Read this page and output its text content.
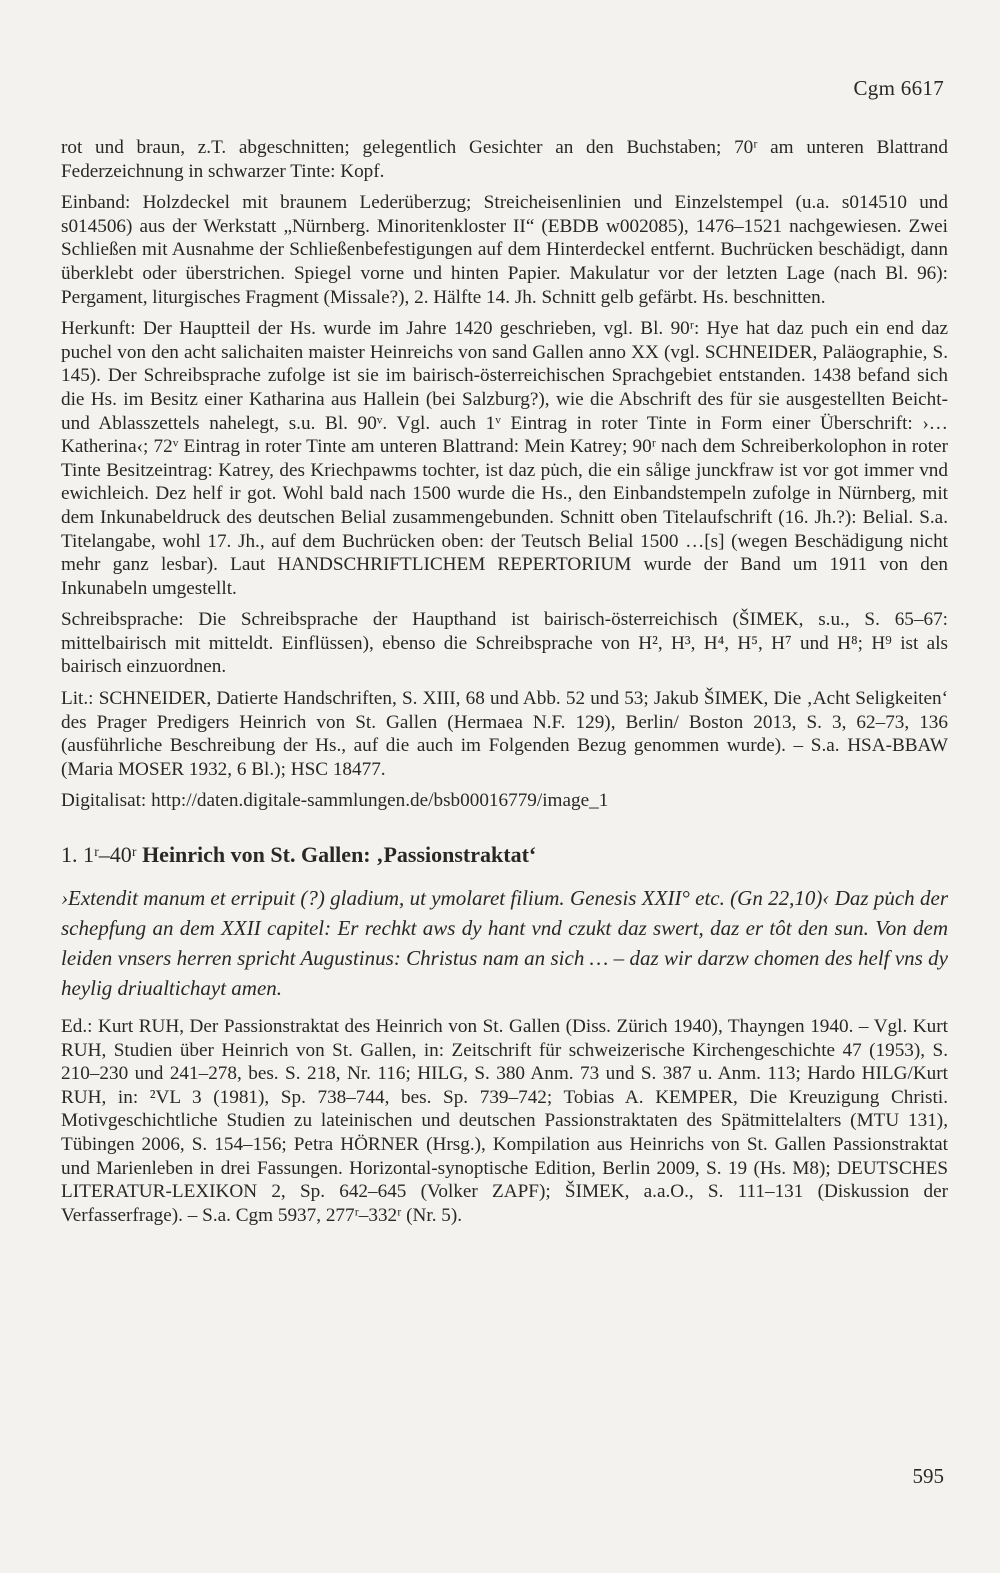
Cgm 6617

rot und braun, z.T. abgeschnitten; gelegentlich Gesichter an den Buchstaben; 70ʳ am unteren Blattrand Federzeichnung in schwarzer Tinte: Kopf.

Einband: Holzdeckel mit braunem Lederüberzug; Streicheisenlinien und Einzelstempel (u.a. s014510 und s014506) aus der Werkstatt „Nürnberg. Minoritenkloster II“ (EBDB w002085), 1476–1521 nachgewiesen. Zwei Schließen mit Ausnahme der Schließenbefestigungen auf dem Hinterdeckel entfernt. Buchrücken beschädigt, dann überklebt oder überstrichen. Spiegel vorne und hinten Papier. Makulatur vor der letzten Lage (nach Bl. 96): Pergament, liturgisches Fragment (Missale?), 2. Hälfte 14. Jh. Schnitt gelb gefärbt. Hs. beschnitten.

Herkunft: Der Hauptteil der Hs. wurde im Jahre 1420 geschrieben, vgl. Bl. 90ʳ: Hye hat daz puch ein end daz puchel von den acht salichaiten maister Heinreichs von sand Gallen anno XX (vgl. SCHNEIDER, Paläographie, S. 145). Der Schreibsprache zufolge ist sie im bairisch-österreichischen Sprachgebiet entstanden. 1438 befand sich die Hs. im Besitz einer Katharina aus Hallein (bei Salzburg?), wie die Abschrift des für sie ausgestellten Beicht- und Ablasszettels nahelegt, s.u. Bl. 90ᵛ. Vgl. auch 1ᵛ Eintrag in roter Tinte in Form einer Überschrift: ›… Katherina‹; 72ᵛ Eintrag in roter Tinte am unteren Blattrand: Mein Katrey; 90ʳ nach dem Schreiberkolophon in roter Tinte Besitzeintrag: Katrey, des Kriechpawms tochter, ist daz pu̇ch, die ein sålige junckfraw ist vor got immer vnd ewichleich. Dez helf ir got. Wohl bald nach 1500 wurde die Hs., den Einbandstempeln zufolge in Nürnberg, mit dem Inkunabeldruck des deutschen Belial zusammengebunden. Schnitt oben Titelaufschrift (16. Jh.?): Belial. S.a. Titelangabe, wohl 17. Jh., auf dem Buchrücken oben: der Teutsch Belial 1500 …[s] (wegen Beschädigung nicht mehr ganz lesbar). Laut HANDSCHRIFTLICHEM REPERTORIUM wurde der Band um 1911 von den Inkunabeln umgestellt.

Schreibsprache: Die Schreibsprache der Haupthand ist bairisch-österreichisch (ŠIMEK, s.u., S. 65–67: mittelbairisch mit mitteldt. Einflüssen), ebenso die Schreibsprache von H², H³, H⁴, H⁵, H⁷ und H⁸; H⁹ ist als bairisch einzuordnen.

Lit.: SCHNEIDER, Datierte Handschriften, S. XIII, 68 und Abb. 52 und 53; Jakub ŠIMEK, Die ‚Acht Seligkeiten‘ des Prager Predigers Heinrich von St. Gallen (Hermaea N.F. 129), Berlin/ Boston 2013, S. 3, 62–73, 136 (ausführliche Beschreibung der Hs., auf die auch im Folgenden Bezug genommen wurde). – S.a. HSA-BBAW (Maria MOSER 1932, 6 Bl.); HSC 18477.

Digitalisat: http://daten.digitale-sammlungen.de/bsb00016779/image_1

1. 1ʳ–40ʳ Heinrich von St. Gallen: ‚Passionstraktat‘

›Extendit manum et erripuit (?) gladium, ut ymolaret filium. Genesis XXII° etc. (Gn 22,10)‹ Daz pu̇ch der schepfung an dem XXII capitel: Er rechkt aws dy hant vnd czukt daz swert, daz er tôt den sun. Von dem leiden vnsers herren spricht Augustinus: Christus nam an sich … – daz wir darzw chomen des helf vns dy heylig driualtichayt amen.

Ed.: Kurt RUH, Der Passionstraktat des Heinrich von St. Gallen (Diss. Zürich 1940), Thayngen 1940. – Vgl. Kurt RUH, Studien über Heinrich von St. Gallen, in: Zeitschrift für schweizerische Kirchengeschichte 47 (1953), S. 210–230 und 241–278, bes. S. 218, Nr. 116; HILG, S. 380 Anm. 73 und S. 387 u. Anm. 113; Hardo HILG/Kurt RUH, in: ²VL 3 (1981), Sp. 738–744, bes. Sp. 739–742; Tobias A. KEMPER, Die Kreuzigung Christi. Motivgeschichtliche Studien zu lateinischen und deutschen Passionstraktaten des Spätmittelalters (MTU 131), Tübingen 2006, S. 154–156; Petra HÖRNER (Hrsg.), Kompilation aus Heinrichs von St. Gallen Passionstraktat und Marienleben in drei Fassungen. Horizontal-synoptische Edition, Berlin 2009, S. 19 (Hs. M8); DEUTSCHES LITERATUR-LEXIKON 2, Sp. 642–645 (Volker ZAPF); ŠIMEK, a.a.O., S. 111–131 (Diskussion der Verfasserfrage). – S.a. Cgm 5937, 277ʳ–332ʳ (Nr. 5).

595
